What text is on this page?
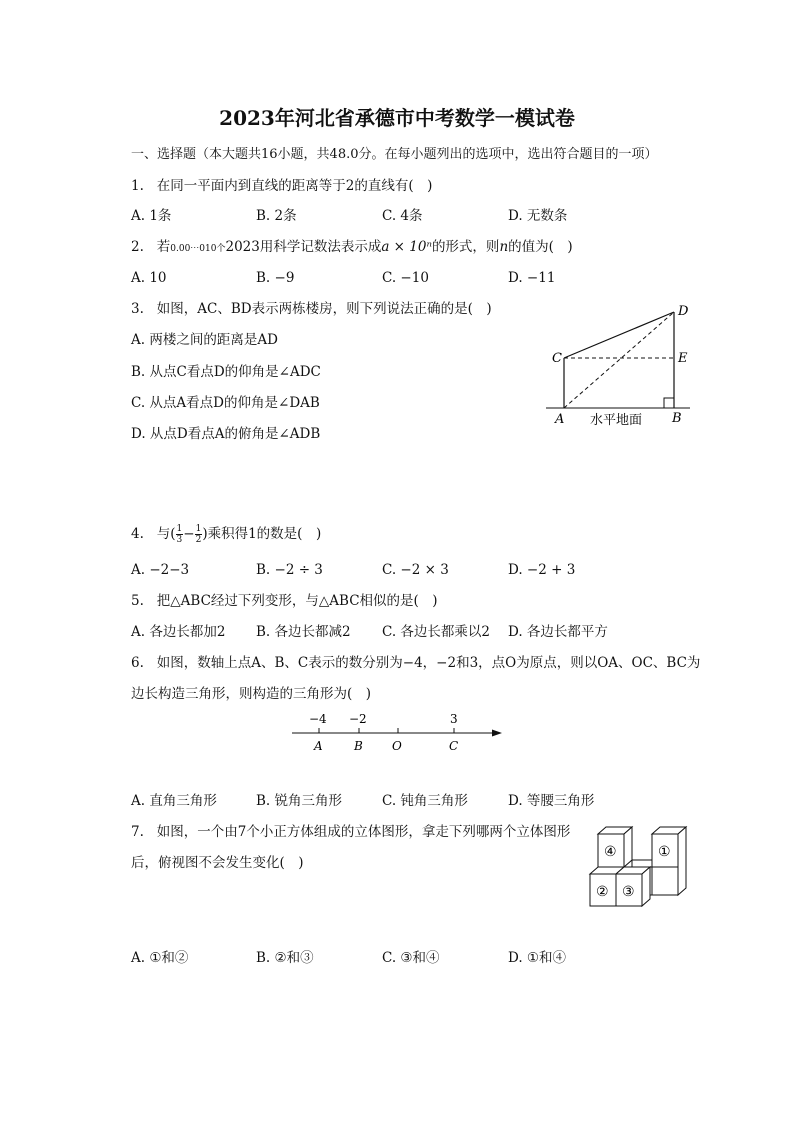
2023年河北省承德市中考数学一模试卷
一、选择题（本大题共16小题，共48.0分。在每小题列出的选项中，选出符合题目的一项）
1. 在同一平面内到直线的距离等于2的直线有(　)
A. 1条	B. 2条	C. 4条	D. 无数条
2. 若0.00⋯010个2023用科学记数法表示成a × 10ⁿ的形式，则n的值为(　)
A. 10	B. −9	C. −10	D. −11
3. 如图，AC、BD表示两栋楼房，则下列说法正确的是(　)
A. 两楼之间的距离是AD
B. 从点C看点D的仰角是∠ADC
C. 从点A看点D的仰角是∠DAB
D. 从点D看点A的俯角是∠ADB
C
A
D
E
B
水平地面
4. 与( $\frac{1}{3} - \frac{1}{2}$ )乘积得1的数是(　)
A. −2−3	B. −2 ÷ 3	C. −2 × 3	D. −2 + 3
5. 把△ABC经过下列变形，与△ABC相似的是(　)
A. 各边长都加2 B. 各边长都减2 C. 各边长都乘以2 D. 各边长都平方
6. 如图，数轴上点A、B、C表示的数分别为−4，−2和3，点O为原点，则以OA、OC、BC为
边长构造三角形，则构造的三角形为(　)
−4 −2	3
A	B O	C
A. 直角三角形	B. 锐角三角形	C. 钝角三角形	D. 等腰三角形
7. 如图，一个由7个小正方体组成的立体图形，拿走下列哪两个立体图形
后，俯视图不会发生变化(　)
④	①
② ③
A. ①和②	B. ②和③	C. ③和④	D. ①和④
